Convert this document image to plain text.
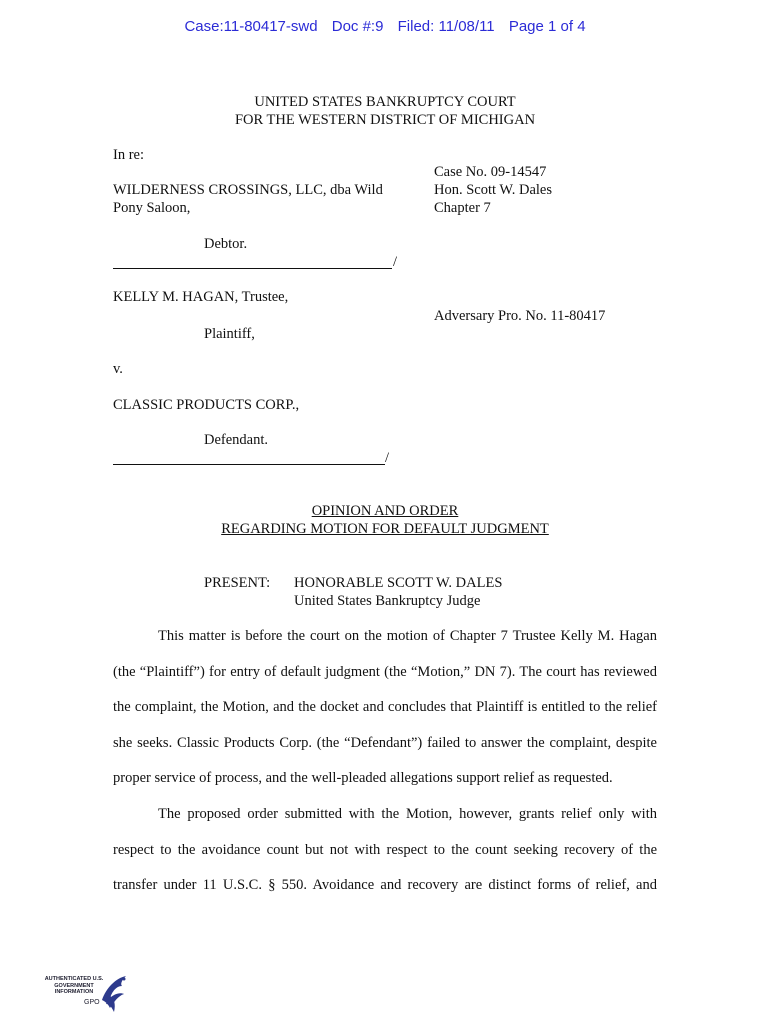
Case:11-80417-swd Doc #:9 Filed: 11/08/11 Page 1 of 4
UNITED STATES BANKRUPTCY COURT
FOR THE WESTERN DISTRICT OF MICHIGAN
In re:
WILDERNESS CROSSINGS, LLC, dba Wild
Pony Saloon,
Case No. 09-14547
Hon. Scott W. Dales
Chapter 7
Debtor.
/
KELLY M. HAGAN, Trustee,
Adversary Pro. No. 11-80417
Plaintiff,
v.
CLASSIC PRODUCTS CORP.,
Defendant.
/
OPINION AND ORDER
REGARDING MOTION FOR DEFAULT JUDGMENT
PRESENT: HONORABLE SCOTT W. DALES
United States Bankruptcy Judge

This matter is before the court on the motion of Chapter 7 Trustee Kelly M. Hagan (the “Plaintiff”) for entry of default judgment (the “Motion,” DN 7). The court has reviewed the complaint, the Motion, and the docket and concludes that Plaintiff is entitled to the relief she seeks. Classic Products Corp. (the “Defendant”) failed to answer the complaint, despite proper service of process, and the well-pleaded allegations support relief as requested.

The proposed order submitted with the Motion, however, grants relief only with respect to the avoidance count but not with respect to the count seeking recovery of the transfer under 11 U.S.C. § 550. Avoidance and recovery are distinct forms of relief, and

AUTHENTICATED U.S. GOVERNMENT INFORMATION
GPO
